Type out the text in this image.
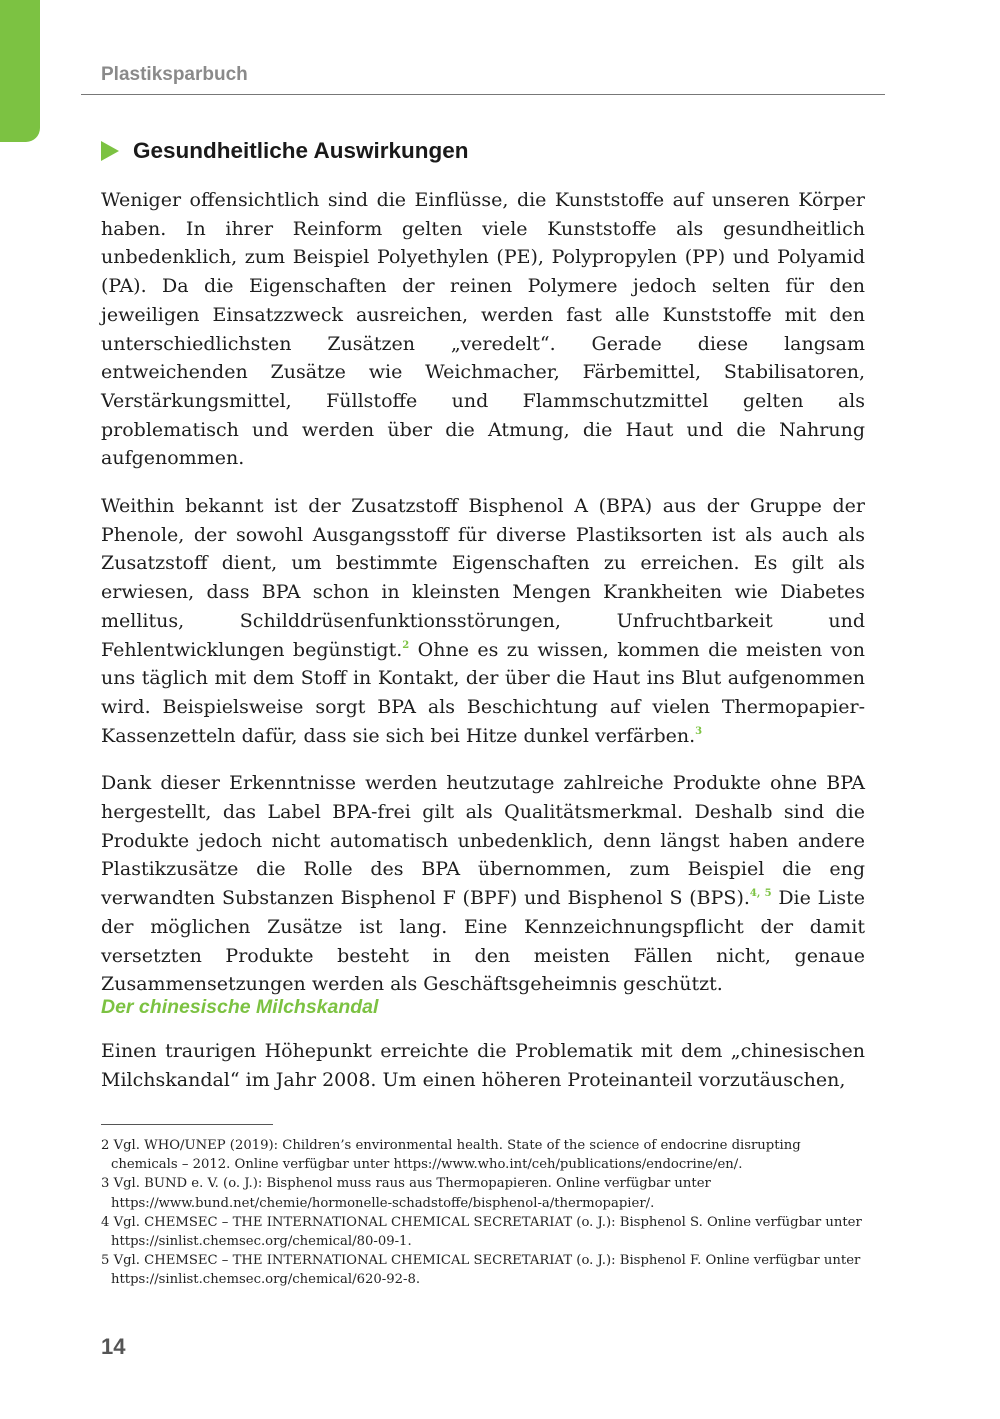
Plastiksparbuch
Gesundheitliche Auswirkungen

Weniger offensichtlich sind die Einflüsse, die Kunststoffe auf unseren Körper haben. In ihrer Reinform gelten viele Kunststoffe als gesundheitlich unbedenklich, zum Beispiel Polyethylen (PE), Polypropylen (PP) und Polyamid (PA). Da die Eigenschaften der reinen Polymere jedoch selten für den jeweiligen Einsatzzweck ausreichen, werden fast alle Kunststoffe mit den unterschiedlichsten Zusätzen „veredelt“. Gerade diese langsam entweichenden Zusätze wie Weichmacher, Färbemittel, Stabilisatoren, Verstärkungsmittel, Füllstoffe und Flammschutzmittel gelten als problematisch und werden über die Atmung, die Haut und die Nahrung aufgenommen.

Weithin bekannt ist der Zusatzstoff Bisphenol A (BPA) aus der Gruppe der Phenole, der sowohl Ausgangsstoff für diverse Plastiksorten ist als auch als Zusatzstoff dient, um bestimmte Eigenschaften zu erreichen. Es gilt als erwiesen, dass BPA schon in kleinsten Mengen Krankheiten wie Diabetes mellitus, Schilddrüsenfunktionsstörungen, Unfruchtbarkeit und Fehlentwicklungen begünstigt.$^2$ Ohne es zu wissen, kommen die meisten von uns täglich mit dem Stoff in Kontakt, der über die Haut ins Blut aufgenommen wird. Beispielsweise sorgt BPA als Beschichtung auf vielen Thermopapier-Kassenzetteln dafür, dass sie sich bei Hitze dunkel verfärben.$^3$

Dank dieser Erkenntnisse werden heutzutage zahlreiche Produkte ohne BPA hergestellt, das Label BPA-frei gilt als Qualitätsmerkmal. Deshalb sind die Produkte jedoch nicht automatisch unbedenklich, denn längst haben andere Plastikzusätze die Rolle des BPA übernommen, zum Beispiel die eng verwandten Substanzen Bisphenol F (BPF) und Bisphenol S (BPS).$^{4, 5}$ Die Liste der möglichen Zusätze ist lang. Eine Kennzeichnungspflicht der damit versetzten Produkte besteht in den meisten Fällen nicht, genaue Zusammensetzungen werden als Geschäftsgeheimnis geschützt.

Der chinesische Milchskandal

Einen traurigen Höhepunkt erreichte die Problematik mit dem „chinesischen Milchskandal“ im Jahr 2008. Um einen höheren Proteinanteil vorzutäuschen,

2 Vgl. WHO/UNEP (2019): Children’s environmental health. State of the science of endocrine disrupting chemicals – 2012. Online verfügbar unter https://www.who.int/ceh/publications/endocrine/en/.

3 Vgl. BUND e. V. (o. J.): Bisphenol muss raus aus Thermopapieren. Online verfügbar unter https://www.bund.net/chemie/hormonelle-schadstoffe/bisphenol-a/thermopapier/.

4 Vgl. CHEMSEC – THE INTERNATIONAL CHEMICAL SECRETARIAT (o. J.): Bisphenol S. Online verfügbar unter https://sinlist.chemsec.org/chemical/80-09-1.

5 Vgl. CHEMSEC – THE INTERNATIONAL CHEMICAL SECRETARIAT (o. J.): Bisphenol F. Online verfügbar unter https://sinlist.chemsec.org/chemical/620-92-8.

14
